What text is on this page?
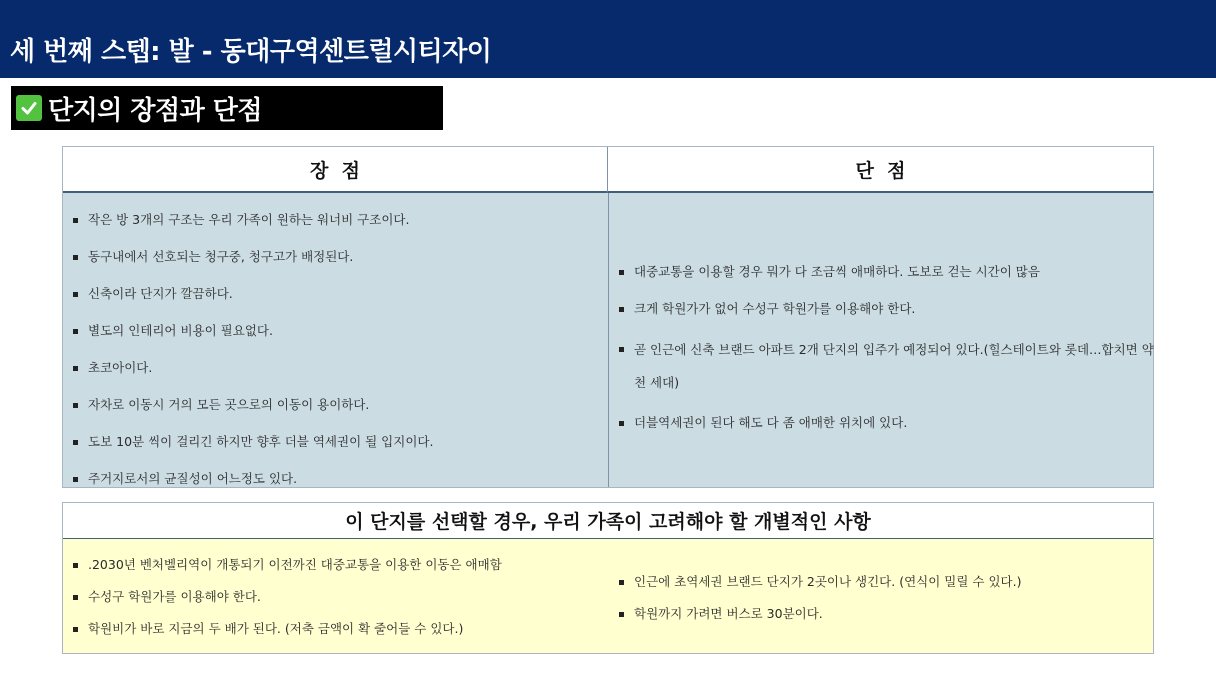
세 번째 스텝: 발 - 동대구역센트럴시티자이
단지의 장점과 단점
장  점	단  점
작은 방 3개의 구조는 우리 가족이 원하는 워너비 구조이다.
동구내에서 선호되는 청구중, 청구고가 배정된다.
신축이라 단지가 깔끔하다.
별도의 인테리어 비용이 필요없다.
초코아이다.
자차로 이동시 거의 모든 곳으로의 이동이 용이하다.
도보 10분 씩이 걸리긴 하지만 향후 더블 역세권이 될 입지이다.
주거지로서의 균질성이 어느정도 있다.
대중교통을 이용할 경우 뭐가 다 조금씩 애매하다. 도보로 걷는 시간이 많음
크게 학원가가 없어 수성구 학원가를 이용해야 한다.
곧 인근에 신축 브랜드 아파트 2개 단지의 입주가 예정되어 있다.(힐스테이트와 롯데…합치면 약 천 세대)
더블역세권이 된다 해도 다 좀 애매한 위치에 있다.
이 단지를 선택할 경우, 우리 가족이 고려해야 할 개별적인 사항
.2030년 벤처벨리역이 개통되기 이전까진 대중교통을 이용한 이동은 애매함
수성구 학원가를 이용해야 한다.
학원비가 바로 지금의 두 배가 된다. (저축 금액이 확 줄어들 수 있다.)
인근에 초역세권 브랜드 단지가 2곳이나 생긴다. (연식이 밀릴 수 있다.)
학원까지 가려면 버스로 30분이다.
